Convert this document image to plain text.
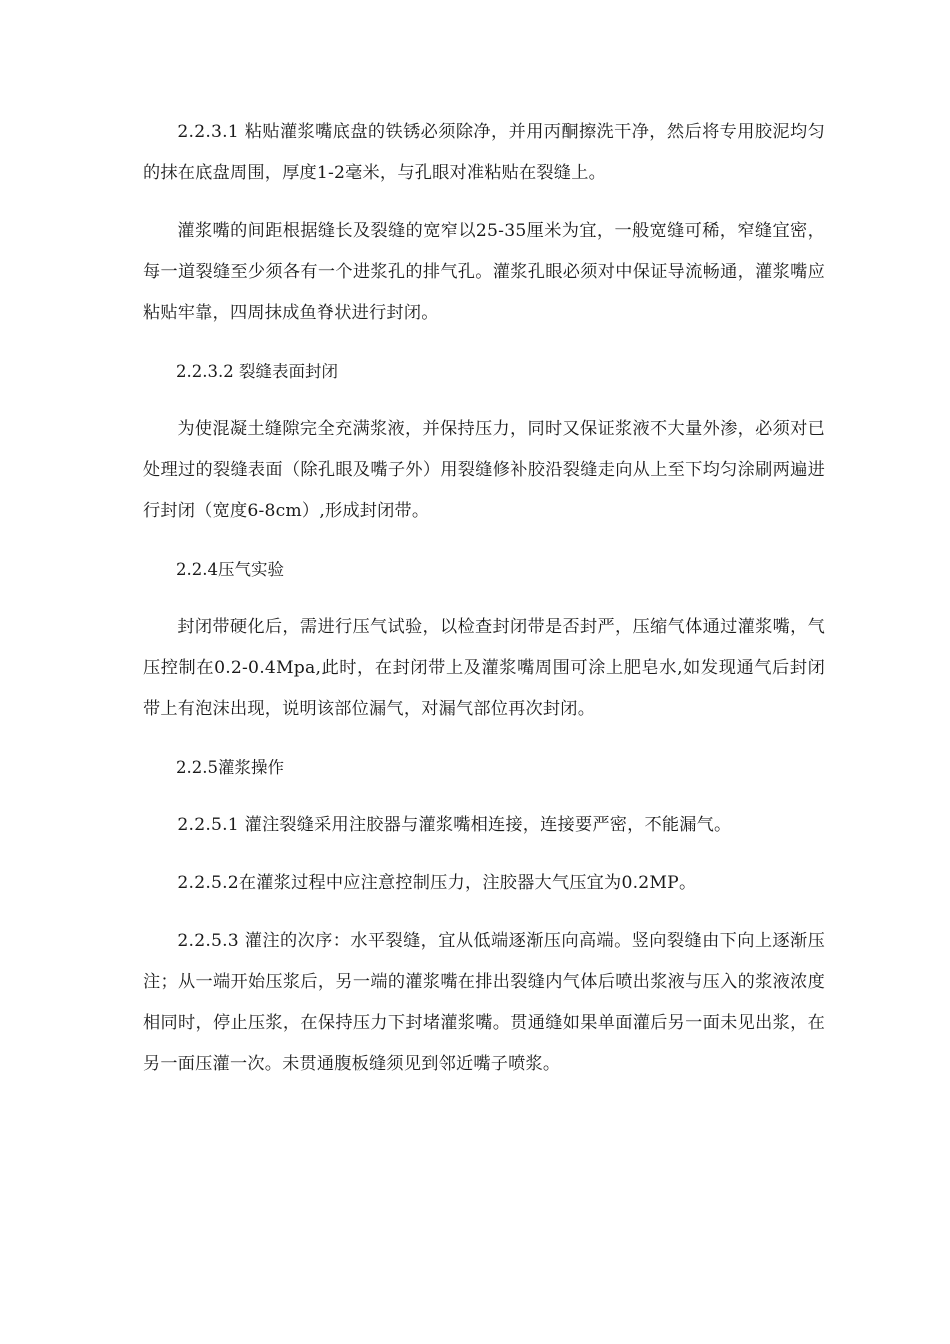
2.2.3.1 粘贴灌浆嘴底盘的铁锈必须除净，并用丙酮擦洗干净，然后将专用胶泥均匀的抹在底盘周围，厚度1-2毫米，与孔眼对准粘贴在裂缝上。

灌浆嘴的间距根据缝长及裂缝的宽窄以25-35厘米为宜，一般宽缝可稀，窄缝宜密，每一道裂缝至少须各有一个进浆孔的排气孔。灌浆孔眼必须对中保证导流畅通，灌浆嘴应粘贴牢靠，四周抹成鱼脊状进行封闭。

2.2.3.2 裂缝表面封闭

为使混凝土缝隙完全充满浆液，并保持压力，同时又保证浆液不大量外渗，必须对已处理过的裂缝表面（除孔眼及嘴子外）用裂缝修补胶沿裂缝走向从上至下均匀涂刷两遍进行封闭（宽度6-8cm）,形成封闭带。

2.2.4压气实验

封闭带硬化后，需进行压气试验，以检查封闭带是否封严，压缩气体通过灌浆嘴，气压控制在0.2-0.4Mpa,此时，在封闭带上及灌浆嘴周围可涂上肥皂水,如发现通气后封闭带上有泡沫出现，说明该部位漏气，对漏气部位再次封闭。

2.2.5灌浆操作

2.2.5.1 灌注裂缝采用注胶器与灌浆嘴相连接，连接要严密，不能漏气。

2.2.5.2在灌浆过程中应注意控制压力，注胶器大气压宜为0.2MP。

2.2.5.3 灌注的次序：水平裂缝，宜从低端逐渐压向高端。竖向裂缝由下向上逐渐压注；从一端开始压浆后，另一端的灌浆嘴在排出裂缝内气体后喷出浆液与压入的浆液浓度相同时，停止压浆，在保持压力下封堵灌浆嘴。贯通缝如果单面灌后另一面未见出浆，在另一面压灌一次。未贯通腹板缝须见到邻近嘴子喷浆。
